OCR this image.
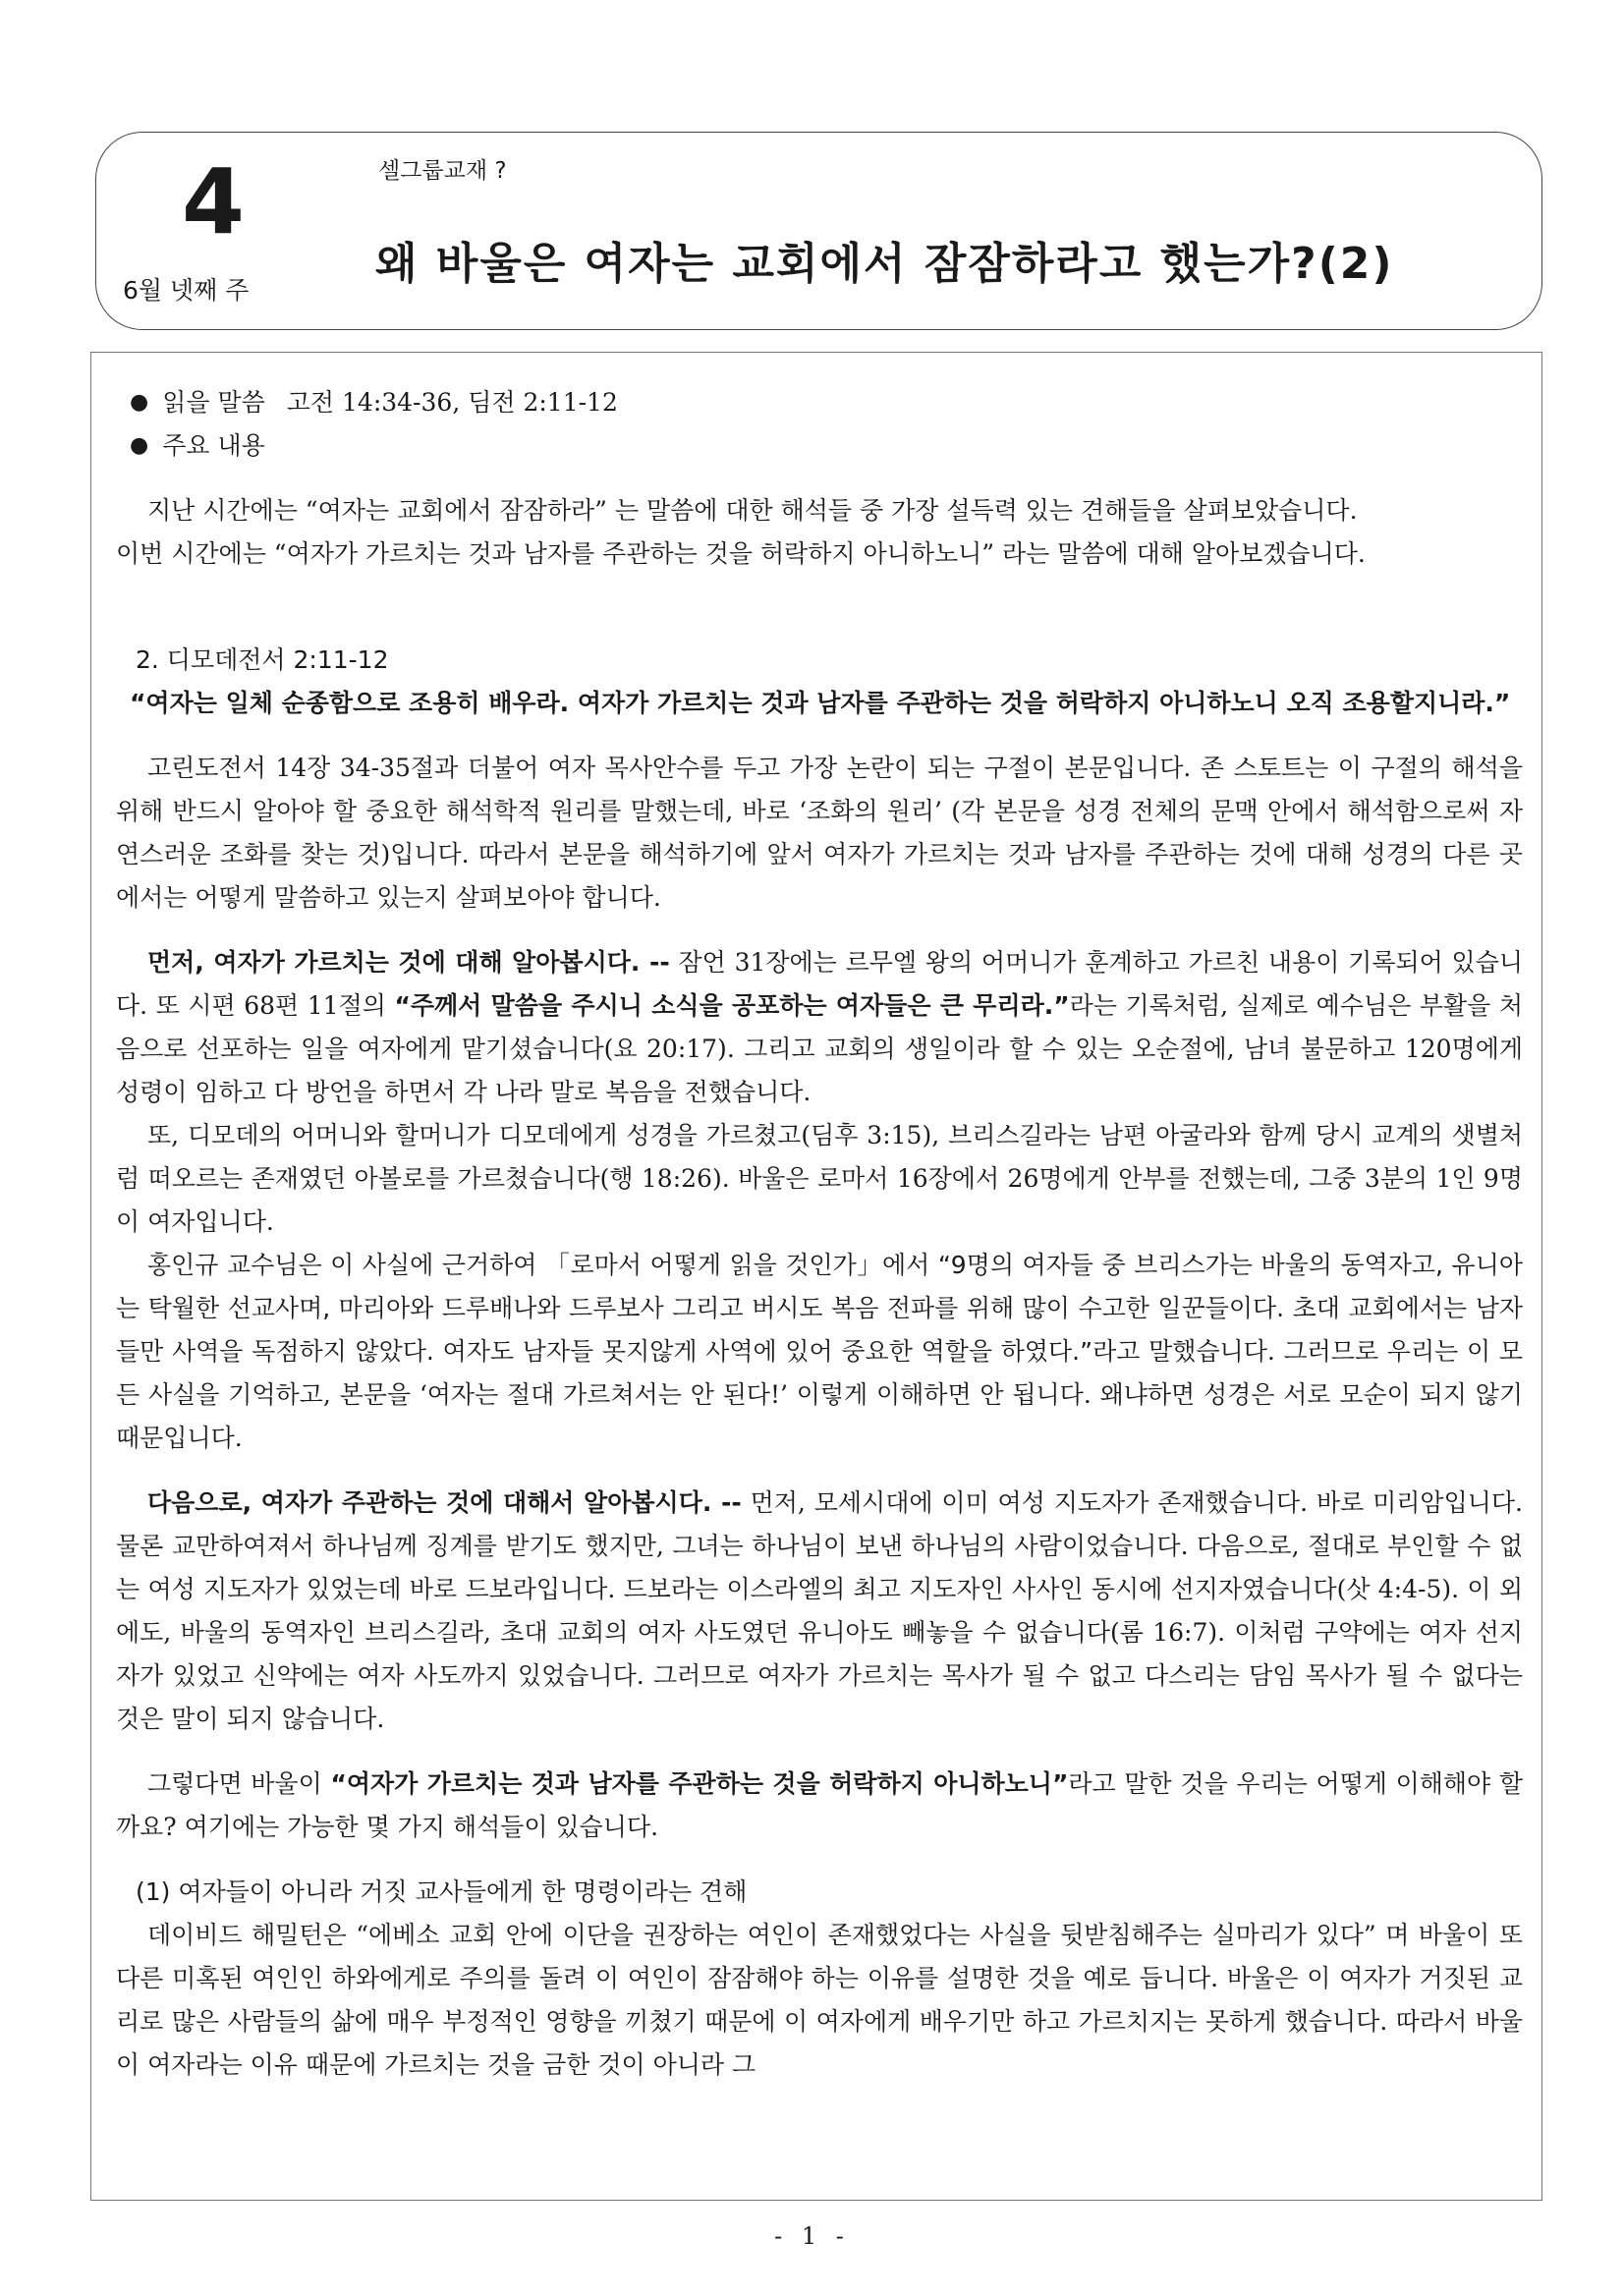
4
6월 넷째 주
셀그룹교재 ?
왜 바울은 여자는 교회에서 잠잠하라고 했는가?(2)
● 읽을 말씀 고전 14:34-36, 딤전 2:11-12
● 주요 내용

지난 시간에는 “여자는 교회에서 잠잠하라” 는 말씀에 대한 해석들 중 가장 설득력 있는 견해들을 살펴보았습니다.

이번 시간에는 “여자가 가르치는 것과 남자를 주관하는 것을 허락하지 아니하노니” 라는 말씀에 대해 알아보겠습니다.

2. 디모데전서 2:11-12

“여자는 일체 순종함으로 조용히 배우라. 여자가 가르치는 것과 남자를 주관하는 것을 허락하지 아니하노니 오직 조용할지니라.”

고린도전서 14장 34-35절과 더불어 여자 목사안수를 두고 가장 논란이 되는 구절이 본문입니다. 존 스토트는 이 구절의 해석을 위해 반드시 알아야 할 중요한 해석학적 원리를 말했는데, 바로 ‘조화의 원리’ (각 본문을 성경 전체의 문맥 안에서 해석함으로써 자연스러운 조화를 찾는 것)입니다. 따라서 본문을 해석하기에 앞서 여자가 가르치는 것과 남자를 주관하는 것에 대해 성경의 다른 곳에서는 어떻게 말씀하고 있는지 살펴보아야 합니다.

먼저, 여자가 가르치는 것에 대해 알아봅시다. -- 잠언 31장에는 르무엘 왕의 어머니가 훈계하고 가르친 내용이 기록되어 있습니다. 또 시편 68편 11절의 “주께서 말씀을 주시니 소식을 공포하는 여자들은 큰 무리라.”라는 기록처럼, 실제로 예수님은 부활을 처음으로 선포하는 일을 여자에게 맡기셨습니다(요 20:17). 그리고 교회의 생일이라 할 수 있는 오순절에, 남녀 불문하고 120명에게 성령이 임하고 다 방언을 하면서 각 나라 말로 복음을 전했습니다.

또, 디모데의 어머니와 할머니가 디모데에게 성경을 가르쳤고(딤후 3:15), 브리스길라는 남편 아굴라와 함께 당시 교계의 샛별처럼 떠오르는 존재였던 아볼로를 가르쳤습니다(행 18:26). 바울은 로마서 16장에서 26명에게 안부를 전했는데, 그중 3분의 1인 9명이 여자입니다.

홍인규 교수님은 이 사실에 근거하여 「로마서 어떻게 읽을 것인가」에서 “9명의 여자들 중 브리스가는 바울의 동역자고, 유니아는 탁월한 선교사며, 마리아와 드루배나와 드루보사 그리고 버시도 복음 전파를 위해 많이 수고한 일꾼들이다. 초대 교회에서는 남자들만 사역을 독점하지 않았다. 여자도 남자들 못지않게 사역에 있어 중요한 역할을 하였다.”라고 말했습니다. 그러므로 우리는 이 모든 사실을 기억하고, 본문을 ‘여자는 절대 가르쳐서는 안 된다!’ 이렇게 이해하면 안 됩니다. 왜냐하면 성경은 서로 모순이 되지 않기 때문입니다.

다음으로, 여자가 주관하는 것에 대해서 알아봅시다. -- 먼저, 모세시대에 이미 여성 지도자가 존재했습니다. 바로 미리암입니다. 물론 교만하여져서 하나님께 징계를 받기도 했지만, 그녀는 하나님이 보낸 하나님의 사람이었습니다. 다음으로, 절대로 부인할 수 없는 여성 지도자가 있었는데 바로 드보라입니다. 드보라는 이스라엘의 최고 지도자인 사사인 동시에 선지자였습니다(삿 4:4-5). 이 외에도, 바울의 동역자인 브리스길라, 초대 교회의 여자 사도였던 유니아도 빼놓을 수 없습니다(롬 16:7). 이처럼 구약에는 여자 선지자가 있었고 신약에는 여자 사도까지 있었습니다. 그러므로 여자가 가르치는 목사가 될 수 없고 다스리는 담임 목사가 될 수 없다는 것은 말이 되지 않습니다.

그렇다면 바울이 “여자가 가르치는 것과 남자를 주관하는 것을 허락하지 아니하노니”라고 말한 것을 우리는 어떻게 이해해야 할까요? 여기에는 가능한 몇 가지 해석들이 있습니다.

(1) 여자들이 아니라 거짓 교사들에게 한 명령이라는 견해

데이비드 해밀턴은 “에베소 교회 안에 이단을 권장하는 여인이 존재했었다는 사실을 뒷받침해주는 실마리가 있다” 며 바울이 또 다른 미혹된 여인인 하와에게로 주의를 돌려 이 여인이 잠잠해야 하는 이유를 설명한 것을 예로 듭니다. 바울은 이 여자가 거짓된 교리로 많은 사람들의 삶에 매우 부정적인 영향을 끼쳤기 때문에 이 여자에게 배우기만 하고 가르치지는 못하게 했습니다. 따라서 바울이 여자라는 이유 때문에 가르치는 것을 금한 것이 아니라 그

- 1 -
